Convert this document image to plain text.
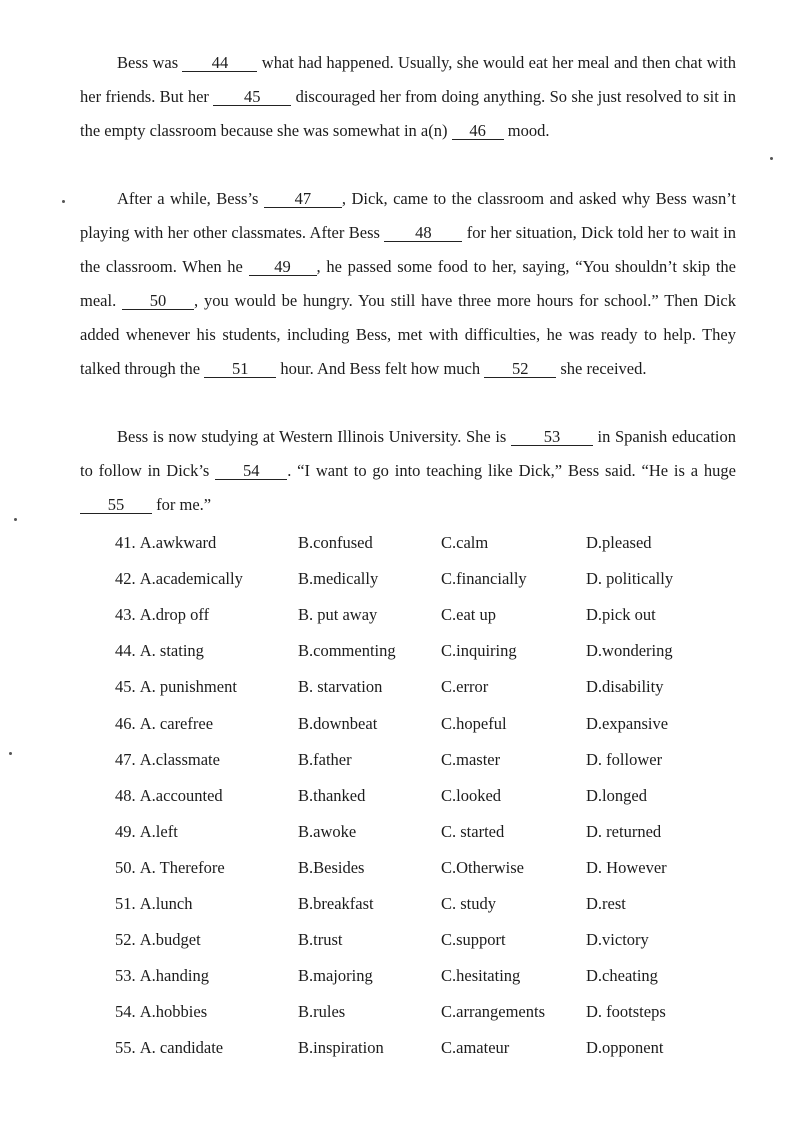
Bess was 44 what had happened. Usually, she would eat her meal and then chat with her friends. But her 45 discouraged her from doing anything. So she just resolved to sit in the empty classroom because she was somewhat in a(n) 46 mood.
After a while, Bess’s 47 , Dick, came to the classroom and asked why Bess wasn’t playing with her other classmates. After Bess 48 for her situation, Dick told her to wait in the classroom. When he 49 , he passed some food to her, saying, “You shouldn’t skip the meal. 50 , you would be hungry. You still have three more hours for school.” Then Dick added whenever his students, including Bess, met with difficulties, he was ready to help. They talked through the 51 hour. And Bess felt how much 52 she received.
Bess is now studying at Western Illinois University. She is 53 in Spanish education to follow in Dick’s 54 . “I want to go into teaching like Dick,” Bess said. “He is a huge 55 for me.”
41. A.awkward	B.confused	C.calm	D.pleased
42. A.academically	B.medically	C.financially	D. politically
43. A.drop off	B. put away	C.eat up	D.pick out
44. A. stating	B.commenting	C.inquiring	D.wondering
45. A. punishment	B. starvation	C.error	D.disability
46. A. carefree	B.downbeat	C.hopeful	D.expansive
47. A.classmate	B.father	C.master	D. follower
48. A.accounted	B.thanked	C.looked	D.longed
49. A.left	B.awoke	C. started	D. returned
50. A. Therefore	B.Besides	C.Otherwise	D. However
51. A.lunch	B.breakfast	C. study	D.rest
52. A.budget	B.trust	C.support	D.victory
53. A.handing	B.majoring	C.hesitating	D.cheating
54. A.hobbies	B.rules	C.arrangements	D. footsteps
55. A. candidate	B.inspiration	C.amateur	D.opponent
